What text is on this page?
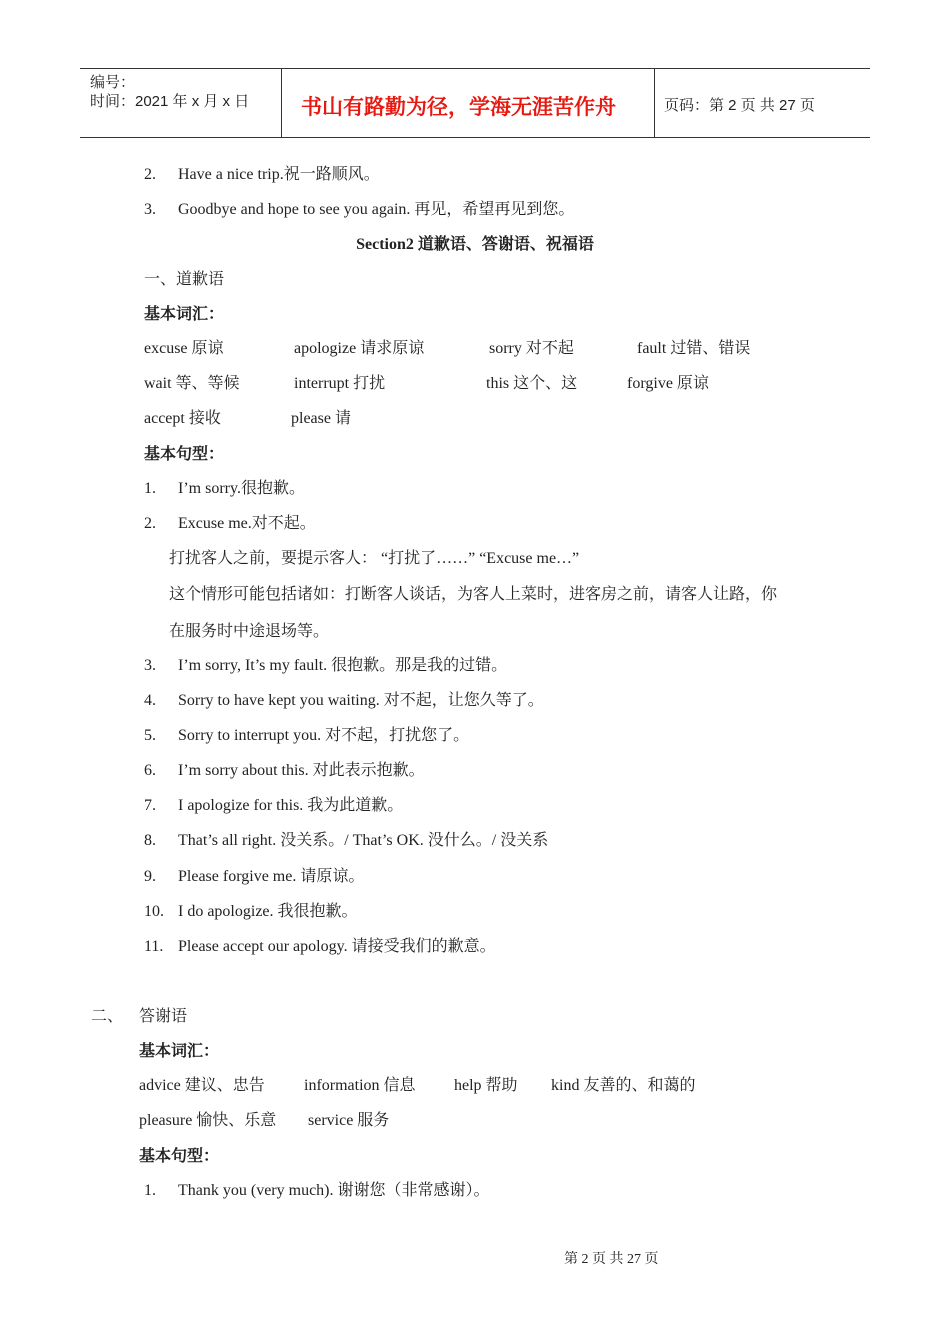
编号：
时间：2021 年 x 月 x 日 书山有路勤为径，学海无涯苦作舟	页码：第 2 页 共 27 页
2. Have a nice trip.祝一路顺风。
3. Goodbye and hope to see you again. 再见，希望再见到您。
Section2 道歉语、答谢语、祝福语
一、道歉语
基本词汇：
excuse 原谅	apologize 请求原谅	sorry 对不起	fault 过错、错误
wait 等、等候	interrupt 打扰	this 这个、这	forgive 原谅
accept 接收	please 请
基本句型：
1. I’m sorry.很抱歉。
2. Excuse me.对不起。
打扰客人之前，要提示客人： “打扰了……” “Excuse me…”
这个情形可能包括诸如：打断客人谈话，为客人上菜时，进客房之前，请客人让路，你
在服务时中途退场等。
3. I’m sorry, It’s my fault. 很抱歉。那是我的过错。
4. Sorry to have kept you waiting. 对不起，让您久等了。
5. Sorry to interrupt you. 对不起，打扰您了。
6. I’m sorry about this. 对此表示抱歉。
7. I apologize for this. 我为此道歉。
8. That’s all right. 没关系。/ That’s OK. 没什么。/ 没关系
9. Please forgive me. 请原谅。
10. I do apologize. 我很抱歉。
11. Please accept our apology. 请接受我们的歉意。
二、 答谢语
基本词汇：
advice 建议、忠告 information 信息 help 帮助 kind 友善的、和蔼的
pleasure 愉快、乐意 service 服务
基本句型：
1. Thank you (very much). 谢谢您（非常感谢）。
第 2 页 共 27 页
